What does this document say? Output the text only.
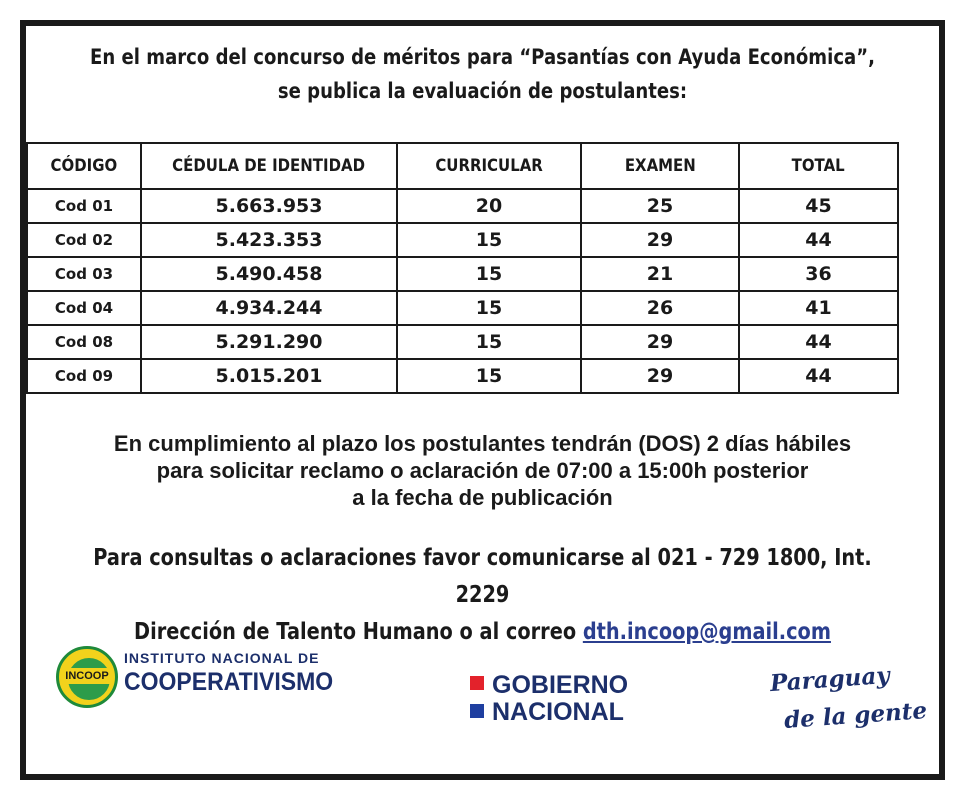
En el marco del concurso de méritos para “Pasantías con Ayuda Económica”,
se publica la evaluación de postulantes:
CÓDIGO	CÉDULA DE IDENTIDAD	CURRICULAR	EXAMEN	TOTAL
Cod 01	5.663.953	20	25	45
Cod 02	5.423.353	15	29	44
Cod 03	5.490.458	15	21	36
Cod 04	4.934.244	15	26	41
Cod 08	5.291.290	15	29	44
Cod 09	5.015.201	15	29	44
En cumplimiento al plazo los postulantes tendrán (DOS) 2 días hábiles
para solicitar reclamo o aclaración de 07:00 a 15:00h posterior
a la fecha de publicación
Para consultas o aclaraciones favor comunicarse al 021 - 729 1800, Int. 2229
Dirección de Talento Humano o al correo dth.incoop@gmail.com
INCOOP
INSTITUTO NACIONAL DE
COOPERATIVISMO	GOBIERNO
NACIONAL
Paraguay
de la gente
